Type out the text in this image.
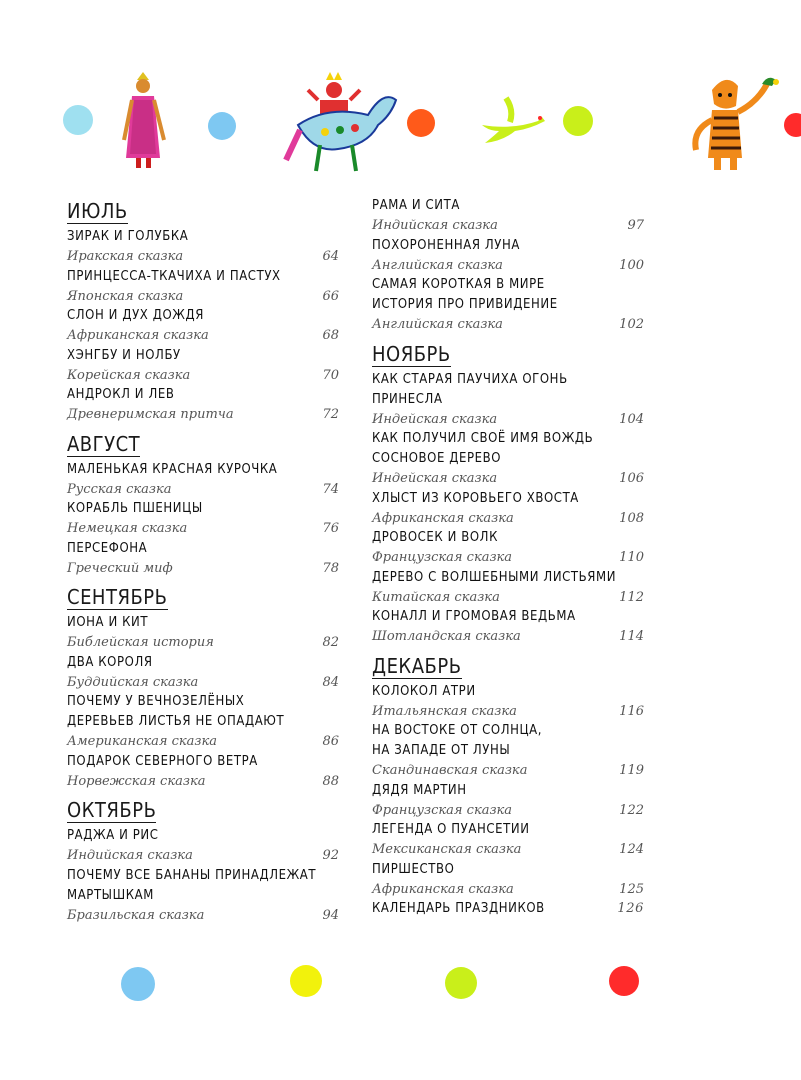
ИЮЛЬ
ЗИРАК И ГОЛУБКА
Иракская сказка	64
ПРИНЦЕССА-ТКАЧИХА И ПАСТУХ
Японская сказка	66
СЛОН И ДУХ ДОЖДЯ
Африканская сказка	68
ХЭНГБУ И НОЛБУ
Корейская сказка	70
АНДРОКЛ И ЛЕВ
Древнеримская притча	72
АВГУСТ
МАЛЕНЬКАЯ КРАСНАЯ КУРОЧКА
Русская сказка	74
КОРАБЛЬ ПШЕНИЦЫ
Немецкая сказка	76
ПЕРСЕФОНА
Греческий миф	78
СЕНТЯБРЬ
ИОНА И КИТ
Библейская история	82
ДВА КОРОЛЯ
Буддийская сказка	84
ПОЧЕМУ У ВЕЧНОЗЕЛЁНЫХ
ДЕРЕВЬЕВ ЛИСТЬЯ НЕ ОПАДАЮТ
Американская сказка	86
ПОДАРОК СЕВЕРНОГО ВЕТРА
Норвежская сказка	88
ОКТЯБРЬ
РАДЖА И РИС
Индийская сказка	92
ПОЧЕМУ ВСЕ БАНАНЫ ПРИНАДЛЕЖАТ
МАРТЫШКАМ
Бразильская сказка	94
РАМА И СИТА
Индийская сказка	97
ПОХОРОНЕННАЯ ЛУНА
Английская сказка	100
САМАЯ КОРОТКАЯ В МИРЕ
ИСТОРИЯ ПРО ПРИВИДЕНИЕ
Английская сказка	102
НОЯБРЬ
КАК СТАРАЯ ПАУЧИХА ОГОНЬ
ПРИНЕСЛА
Индейская сказка	104
КАК ПОЛУЧИЛ СВОЁ ИМЯ ВОЖДЬ
СОСНОВОЕ ДЕРЕВО
Индейская сказка	106
ХЛЫСТ ИЗ КОРОВЬЕГО ХВОСТА
Африканская сказка	108
ДРОВОСЕК И ВОЛК
Французская сказка	110
ДЕРЕВО С ВОЛШЕБНЫМИ ЛИСТЬЯМИ
Китайская сказка	112
КОНАЛЛ И ГРОМОВАЯ ВЕДЬМА
Шотландская сказка	114
ДЕКАБРЬ
КОЛОКОЛ АТРИ
Итальянская сказка	116
НА ВОСТОКЕ ОТ СОЛНЦА,
НА ЗАПАДЕ ОТ ЛУНЫ
Скандинавская сказка	119
ДЯДЯ МАРТИН
Французская сказка	122
ЛЕГЕНДА О ПУАНСЕТИИ
Мексиканская сказка	124
ПИРШЕСТВО
Африканская сказка	125
КАЛЕНДАРЬ ПРАЗДНИКОВ	126
